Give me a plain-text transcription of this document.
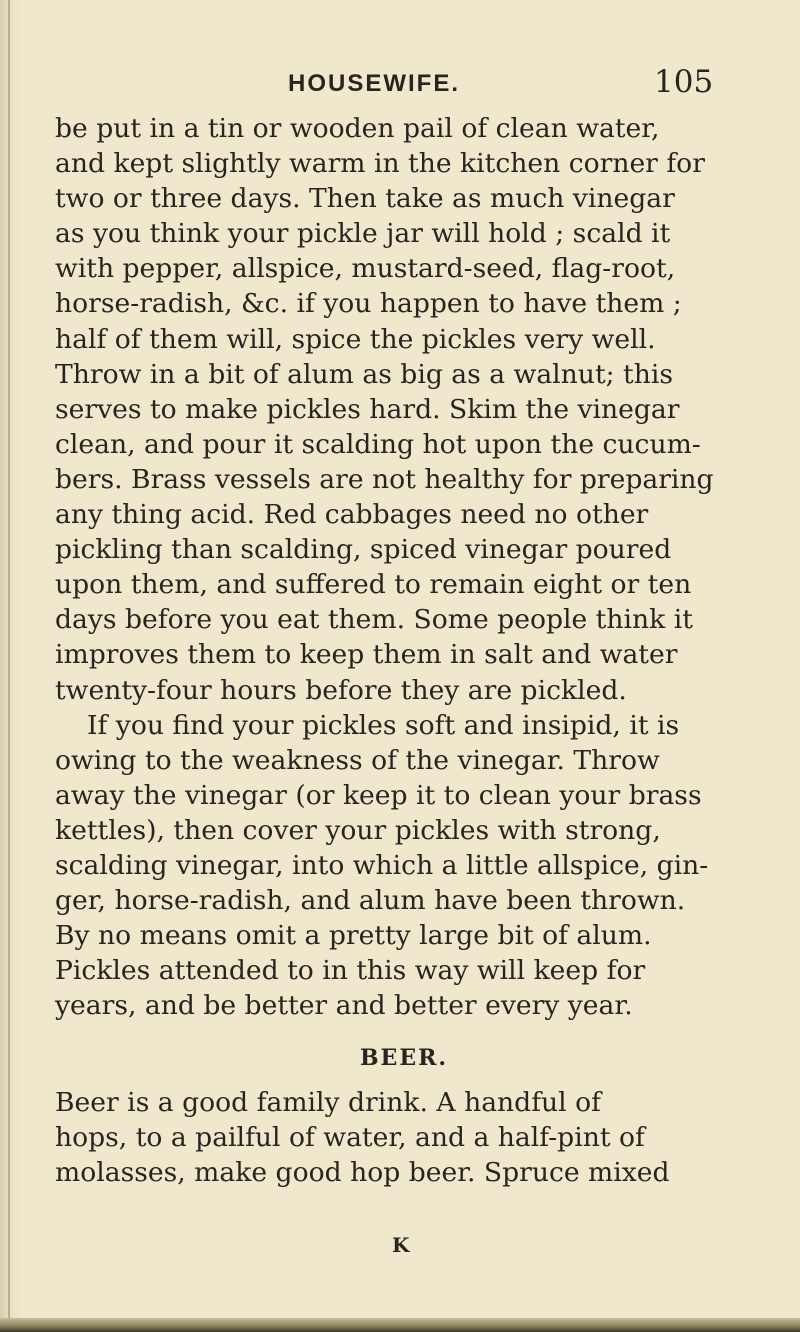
HOUSEWIFE.	105
be put in a tin or wooden pail of clean water,
and kept slightly warm in the kitchen corner for
two or three days. Then take as much vinegar
as you think your pickle jar will hold ; scald it
with pepper, allspice, mustard-seed, flag-root,
horse-radish, &c. if you happen to have them ;
half of them will, spice the pickles very well.
Throw in a bit of alum as big as a walnut; this
serves to make pickles hard. Skim the vinegar
clean, and pour it scalding hot upon the cucum-
bers. Brass vessels are not healthy for preparing
any thing acid. Red cabbages need no other
pickling than scalding, spiced vinegar poured
upon them, and suffered to remain eight or ten
days before you eat them. Some people think it
improves them to keep them in salt and water
twenty-four hours before they are pickled.
If you find your pickles soft and insipid, it is
owing to the weakness of the vinegar. Throw
away the vinegar (or keep it to clean your brass
kettles), then cover your pickles with strong,
scalding vinegar, into which a little allspice, gin-
ger, horse-radish, and alum have been thrown.
By no means omit a pretty large bit of alum.
Pickles attended to in this way will keep for
years, and be better and better every year.
BEER.
Beer is a good family drink. A handful of
hops, to a pailful of water, and a half-pint of
molasses, make good hop beer. Spruce mixed
K
